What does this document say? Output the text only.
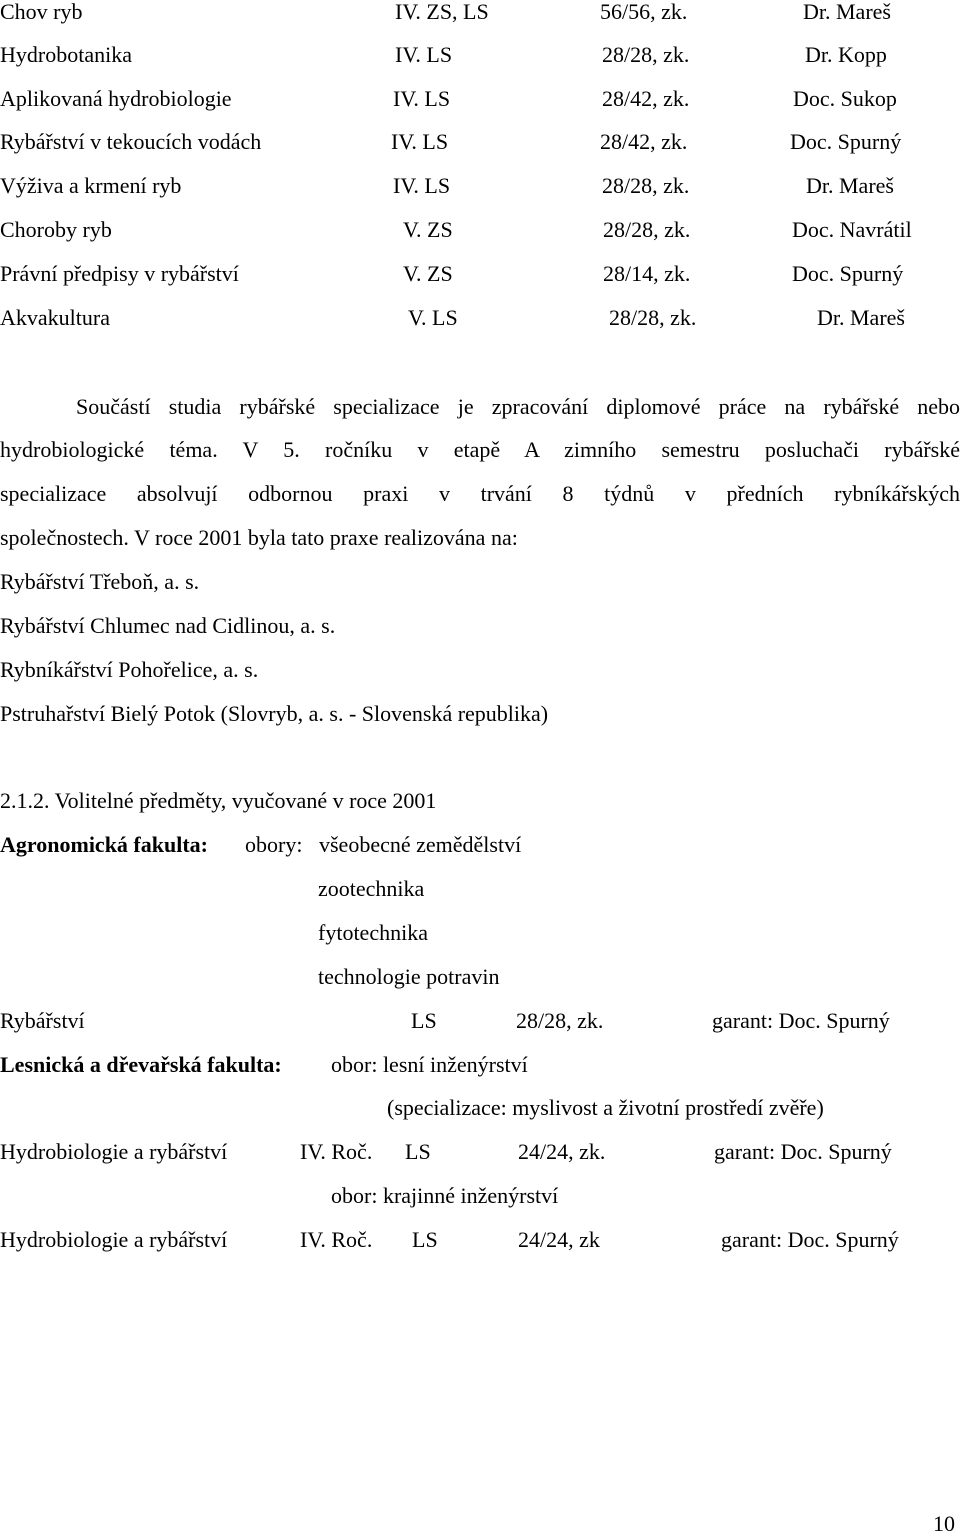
Chov ryb	IV. ZS, LS	56/56, zk.	Dr. Mareš
Hydrobotanika	IV. LS	28/28, zk.	Dr. Kopp
Aplikovaná hydrobiologie	IV. LS	28/42, zk.	Doc. Sukop
Rybářství v tekoucích vodách	IV. LS	28/42, zk.	Doc. Spurný
Výživa a krmení ryb	IV. LS	28/28, zk.	Dr. Mareš
Choroby ryb	V. ZS	28/28, zk.	Doc. Navrátil
Právní předpisy v rybářství	V. ZS	28/14, zk.	Doc. Spurný
Akvakultura	V. LS	28/28, zk.	Dr. Mareš
Součástí studia rybářské specializace je zpracování diplomové práce na rybářské nebo
hydrobiologické téma. V 5. ročníku v etapě A zimního semestru posluchači rybářské
specializace absolvují odbornou praxi v trvání 8 týdnů v předních rybníkářských
společnostech. V roce 2001 byla tato praxe realizována na:
Rybářství Třeboň, a. s.
Rybářství Chlumec nad Cidlinou, a. s.
Rybníkářství Pohořelice, a. s.
Pstruhařství Bielý Potok (Slovryb, a. s. - Slovenská republika)
2.1.2. Volitelné předměty, vyučované v roce 2001
Agronomická fakulta: obory: všeobecné zemědělství
zootechnika
fytotechnika
technologie potravin
Rybářství	LS	28/28, zk.	garant: Doc. Spurný
Lesnická a dřevařská fakulta: obor: lesní inženýrství
(specializace: myslivost a životní prostředí zvěře)
Hydrobiologie a rybářství	IV. Roč. LS	24/24, zk.	garant: Doc. Spurný
obor: krajinné inženýrství
Hydrobiologie a rybářství	IV. Roč. LS	24/24, zk	garant: Doc. Spurný
10
